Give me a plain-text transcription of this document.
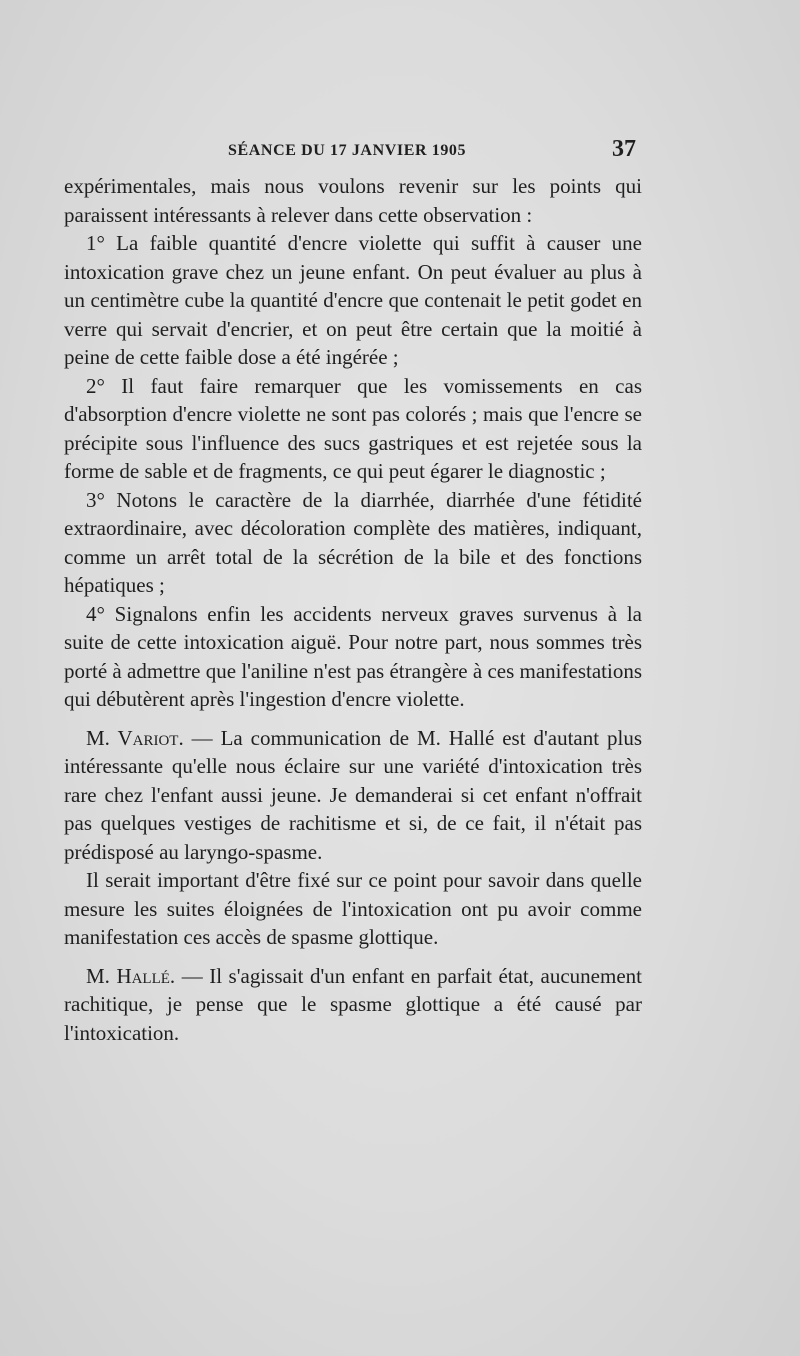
SÉANCE DU 17 JANVIER 1905	37

expérimentales, mais nous voulons revenir sur les points qui paraissent intéressants à relever dans cette observation :

1° La faible quantité d'encre violette qui suffit à causer une intoxication grave chez un jeune enfant. On peut évaluer au plus à un centimètre cube la quantité d'encre que contenait le petit godet en verre qui servait d'encrier, et on peut être certain que la moitié à peine de cette faible dose a été ingérée ;

2° Il faut faire remarquer que les vomissements en cas d'absorption d'encre violette ne sont pas colorés ; mais que l'encre se précipite sous l'influence des sucs gastriques et est rejetée sous la forme de sable et de fragments, ce qui peut égarer le diagnostic ;

3° Notons le caractère de la diarrhée, diarrhée d'une fétidité extraordinaire, avec décoloration complète des matières, indiquant, comme un arrêt total de la sécrétion de la bile et des fonctions hépatiques ;

4° Signalons enfin les accidents nerveux graves survenus à la suite de cette intoxication aiguë. Pour notre part, nous sommes très porté à admettre que l'aniline n'est pas étrangère à ces manifestations qui débutèrent après l'ingestion d'encre violette.

M. Variot. — La communication de M. Hallé est d'autant plus intéressante qu'elle nous éclaire sur une variété d'intoxication très rare chez l'enfant aussi jeune. Je demanderai si cet enfant n'offrait pas quelques vestiges de rachitisme et si, de ce fait, il n'était pas prédisposé au laryngo-spasme.

Il serait important d'être fixé sur ce point pour savoir dans quelle mesure les suites éloignées de l'intoxication ont pu avoir comme manifestation ces accès de spasme glottique.

M. Hallé. — Il s'agissait d'un enfant en parfait état, aucunement rachitique, je pense que le spasme glottique a été causé par l'intoxication.
